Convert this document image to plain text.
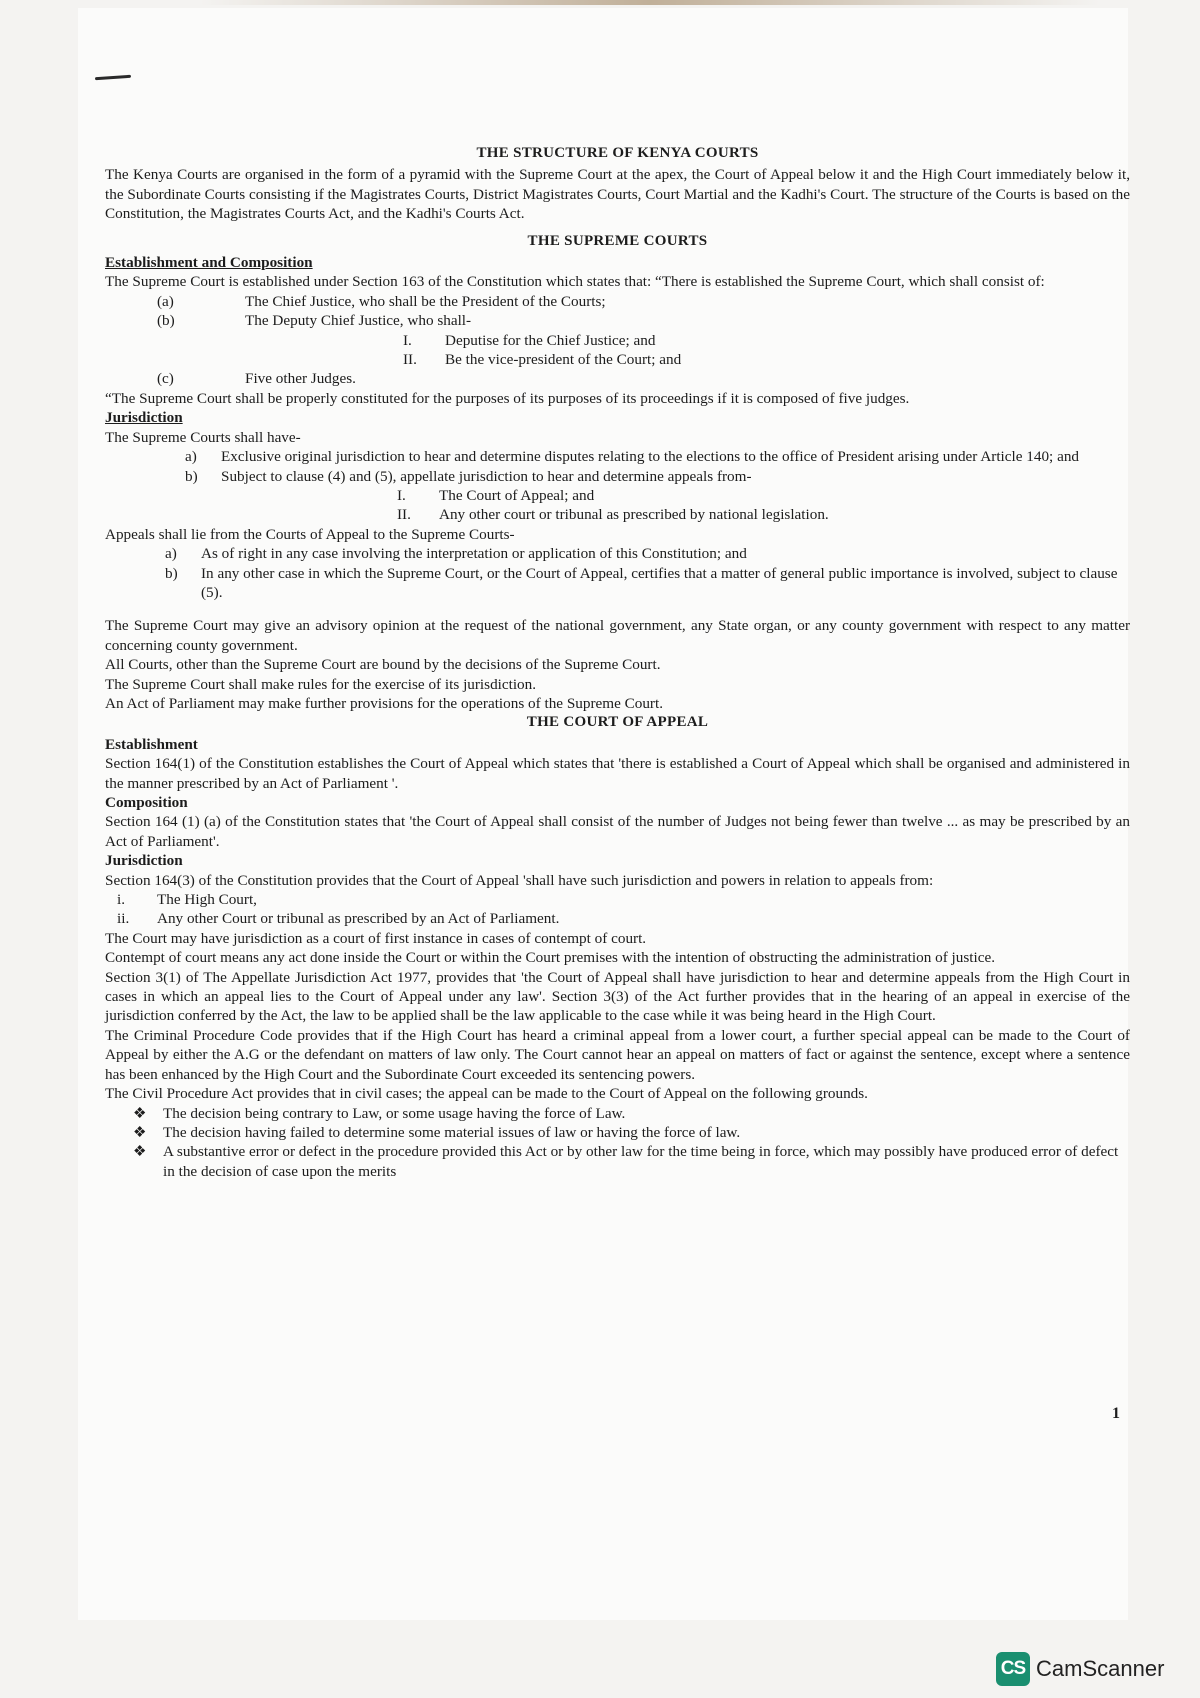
THE STRUCTURE OF KENYA COURTS

The Kenya Courts are organised in the form of a pyramid with the Supreme Court at the apex, the Court of Appeal below it and the High Court immediately below it, the Subordinate Courts consisting if the Magistrates Courts, District Magistrates Courts, Court Martial and the Kadhi's Court. The structure of the Courts is based on the Constitution, the Magistrates Courts Act, and the Kadhi's Courts Act.

THE SUPREME COURTS
Establishment and Composition

The Supreme Court is established under Section 163 of the Constitution which states that: “There is established the Supreme Court, which shall consist of:

(a)	The Chief Justice, who shall be the President of the Courts;
(b)	The Deputy Chief Justice, who shall-
I.	Deputise for the Chief Justice; and
II.	Be the vice-president of the Court; and
(c)	Five other Judges.

“The Supreme Court shall be properly constituted for the purposes of its purposes of its proceedings if it is composed of five judges.

Jurisdiction

The Supreme Courts shall have-

a)	Exclusive original jurisdiction to hear and determine disputes relating to the elections to the office of President arising under Article 140; and
b)	Subject to clause (4) and (5), appellate jurisdiction to hear and determine appeals from-
I.	The Court of Appeal; and
II.	Any other court or tribunal as prescribed by national legislation.

Appeals shall lie from the Courts of Appeal to the Supreme Courts-

a)	As of right in any case involving the interpretation or application of this Constitution; and
b)	In any other case in which the Supreme Court, or the Court of Appeal, certifies that a matter of general public importance is involved, subject to clause (5).

The Supreme Court may give an advisory opinion at the request of the national government, any State organ, or any county government with respect to any matter concerning county government.

All Courts, other than the Supreme Court are bound by the decisions of the Supreme Court.

The Supreme Court shall make rules for the exercise of its jurisdiction.

An Act of Parliament may make further provisions for the operations of the Supreme Court.

THE COURT OF APPEAL
Establishment

Section 164(1) of the Constitution establishes the Court of Appeal which states that 'there is established a Court of Appeal which shall be organised and administered in the manner prescribed by an Act of Parliament '.

Composition

Section 164 (1) (a) of the Constitution states that 'the Court of Appeal shall consist of the number of Judges not being fewer than twelve ... as may be prescribed by an Act of Parliament'.

Jurisdiction

Section 164(3) of the Constitution provides that the Court of Appeal 'shall have such jurisdiction and powers in relation to appeals from:

i.	The High Court,
ii.	Any other Court or tribunal as prescribed by an Act of Parliament.

The Court may have jurisdiction as a court of first instance in cases of contempt of court.

Contempt of court means any act done inside the Court or within the Court premises with the intention of obstructing the administration of justice.

Section 3(1) of The Appellate Jurisdiction Act 1977, provides that 'the Court of Appeal shall have jurisdiction to hear and determine appeals from the High Court in cases in which an appeal lies to the Court of Appeal under any law'. Section 3(3) of the Act further provides that in the hearing of an appeal in exercise of the jurisdiction conferred by the Act, the law to be applied shall be the law applicable to the case while it was being heard in the High Court.

The Criminal Procedure Code provides that if the High Court has heard a criminal appeal from a lower court, a further special appeal can be made to the Court of Appeal by either the A.G or the defendant on matters of law only. The Court cannot hear an appeal on matters of fact or against the sentence, except where a sentence has been enhanced by the High Court and the Subordinate Court exceeded its sentencing powers.

The Civil Procedure Act provides that in civil cases; the appeal can be made to the Court of Appeal on the following grounds.

❖	The decision being contrary to Law, or some usage having the force of Law.
❖	The decision having failed to determine some material issues of law or having the force of law.
❖	A substantive error or defect in the procedure provided this Act or by other law for the time being in force, which may possibly have produced error of defect in the decision of case upon the merits
1
CS CamScanner
